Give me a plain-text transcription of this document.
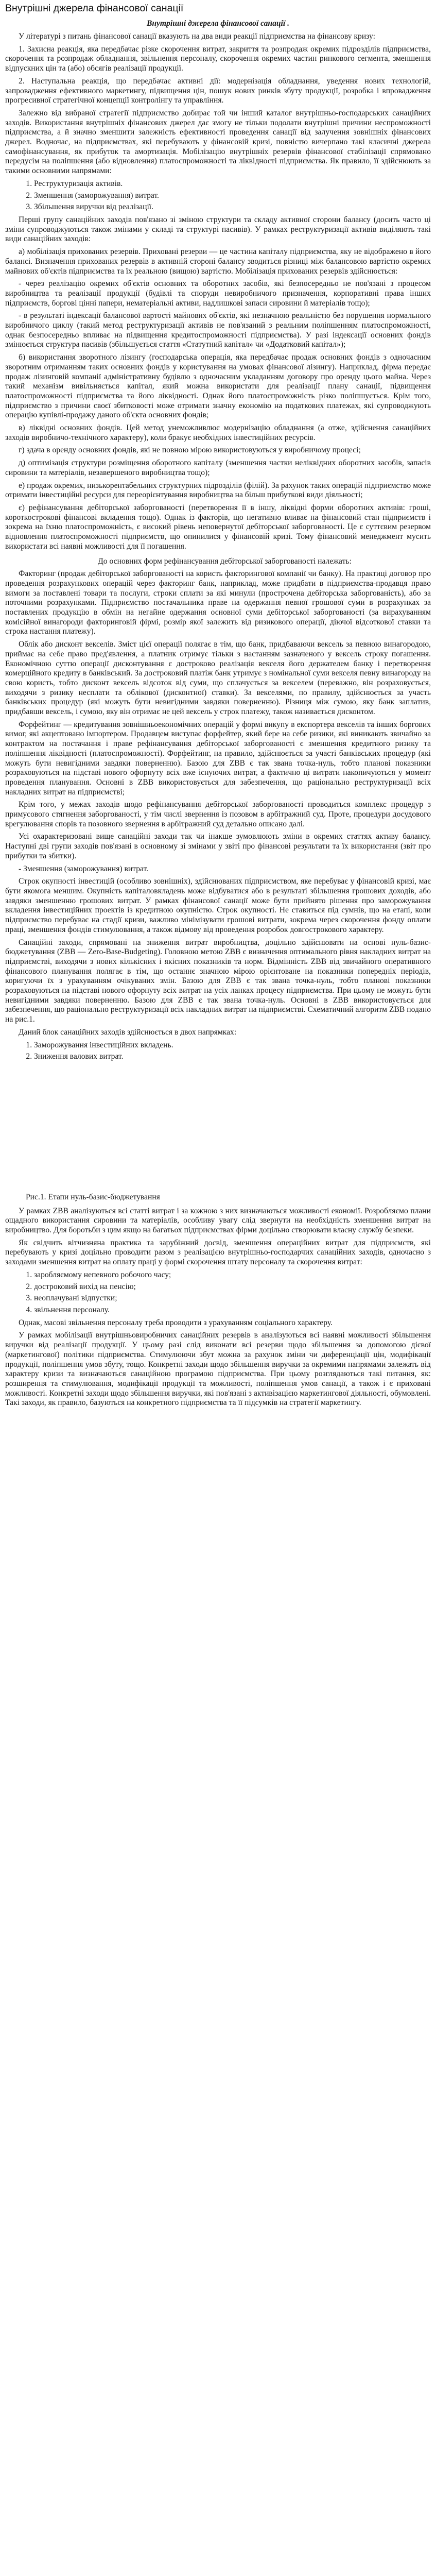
Внутрішні джерела фінансової санації

Внутрішні джерела фінансової санації .

У літературі з питань фінансової санації вказують на два види реакції підприємства на фінансову кризу:

1. Захисна реакція, яка передбачає різке скорочення витрат, закриття та розпродаж окремих підрозділів підприємства, скорочення та розпродаж обладнання, звільнення персоналу, скорочення окремих частин ринкового сегмента, зменшення відпускних цін та (або) обсягів реалізації продукції.

2. Наступальна реакція, що передбачає активні дії: модернізація обладнання, уведення нових технологій, запровадження ефективного маркетингу, підвищення цін, пошук нових ринків збуту продукції, розробка і впровадження прогресивної стратегічної концепції контролінгу та управління.

Залежно від вибраної стратегії підприємство добирає той чи інший каталог внутрішньо-господарських санаційних заходів. Використання внутрішніх фінансових джерел дає змогу не тільки подолати внутрішні причини неспроможності підприємства, а й значно зменшити залежність ефективності проведення санації від залучення зовнішніх фінансових джерел. Водночас, на підприємствах, які перебувають у фінансовій кризі, повністю вичерпано такі класичні джерела самофінансування, як прибуток та амортизація. Мобілізацію внутрішніх резервів фінансової стабілізації спрямовано передусім на поліпшення (або відновлення) платоспроможності та ліквідності підприємства. Як правило, її здійснюють за такими основними напрямами:

1. Реструктуризація активів.
2. Зменшення (заморожування) витрат.
3. Збільшення виручки від реалізації.

Перші групу санаційних заходів пов'язано зі зміною структури та складу активної сторони балансу (досить часто ці зміни супроводжуються також змінами у складі та структурі пасивів). У рамках реструктуризації активів виділяють такі види санаційних заходів:

а) мобілізація прихованих резервів. Приховані резерви — це частина капіталу підприємства, яку не відображено в його балансі. Визначення прихованих резервів в активній стороні балансу зводиться різниці між балансовою вартістю окремих майнових об'єктів підприємства та їх реальною (вищою) вартістю. Мобілізація прихованих резервів здійснюється:

- через реалізацію окремих об'єктів основних та оборотних засобів, які безпосередньо не пов'язані з процесом виробництва та реалізації продукції (будівлі та споруди невиробничого призначення, корпоративні права інших підприємств, боргові цінні папери, нематеріальні активи, надлишкові запаси сировини й матеріалів тощо);

- в результаті індексації балансової вартості майнових об'єктів, які незначною реальністю без порушення нормального виробничого циклу (такий метод реструктуризації активів не пов'язаний з реальним поліпшенням платоспроможності, однак безпосередньо впливає на підвищення кредитоспроможності підприємства). У разі індексації основних фондів змінюється структура пасивів (збільшується стаття «Статутний капітал» чи «Додатковий капітал»);

б) використання зворотного лізингу (господарська операція, яка передбачає продаж основних фондів з одночасним зворотним отриманням таких основних фондів у користування на умовах фінансової лізингу). Наприклад, фірма передає продаж лізинговій компанії адміністративну будівлю з одночасним укладанням договору про оренду цього майна. Через такий механізм вивільняється капітал, який можна використати для реалізації плану санації, підвищення платоспроможності підприємства та його ліквідності. Однак його платоспроможність різко поліпшується. Крім того, підприємство з причини своєї збитковості може отримати значну економію на податкових платежах, які супроводжують операцію купівлі-продажу даного об'єкта основних фондів;

в) ліквідні основних фондів. Цей метод унеможливлює модернізацію обладнання (а отже, здійснення санаційних заходів виробничо-технічного характеру), коли бракує необхідних інвестиційних ресурсів.

г) здача в оренду основних фондів, які не повною мірою використовуються у виробничому процесі;

д) оптимізація структури розміщення оборотного капіталу (зменшення частки неліквідних оборотних засобів, запасів сировини та матеріалів, незавершеного виробництва тощо);

е) продаж окремих, низькорентабельних структурних підрозділів (філій). За рахунок таких операцій підприємство може отримати інвестиційні ресурси для переорієнтування виробництва на більш прибуткові види діяльності;

є) рефінансування дебіторської заборгованості (перетворення її в іншу, ліквідні форми оборотних активів: гроші, короткострокові фінансові вкладення тощо). Однак із факторів, що негативно вливає на фінансовий стан підприємств і зокрема на їхню платоспроможність, є високий рівень неповернутої дебіторської заборгованості. Це є суттєвим резервом відновлення платоспроможності підприємств, що опинилися у фінансовій кризі. Тому фінансовий менеджмент мусить використати всі наявні можливості для її погашення.

До основних форм рефінансування дебіторської заборгованості належать:

Факторинг (продаж дебіторської заборгованості на користь факторингової компанії чи банку). На практиці договор про проведення розрахункових операцій через факторинг банк, наприклад, може придбати в підприємства-продавця право вимоги за поставлені товари та послуги, строки сплати за які минули (прострочена дебіторська заборгованість), або за поточними розрахунками. Підприємство постачальника праве на одержання певної грошової суми в розрахунках за поставлених продукцію в обмін на негайне одержання основної суми дебіторської заборгованості (за вирахуванням комісійної винагороди факторинговій фірмі, розмір якої залежить від ризикового операції, діючої відсоткової ставки та строка настання платежу).

Облік або дисконт векселів. Зміст цієї операції полягає в тім, що банк, придбаваючи вексель за певною винагородою, приймає на себе право пред'явлення, а платник отримує тільки з настанням зазначеного у вексель строку погашення. Економічною суттю операції дисконтування є достроково реалізація векселя його держателем банку і перетворення комерційного кредиту в банківський. За достроковий платіж банк утримує з номінальної суми векселя певну винагороду на свою користь, тобто дисконт вексель відсоток від суми, що сплачується за векселем (переважно, він розраховується, виходячи з ризику несплати та облікової (дисконтної) ставки). За векселями, по правилу, здійснюється за участь банківських процедур (які можуть бути невигідними завдяки поверненню). Різниця між сумою, яку банк заплатив, придбавши вексель, і сумою, яку він отримає не цей вексель у строк платежу, також називається дисконтом.

Форфейтинг — кредитування зовнішньоекономічних операцій у формі викупу в експортера векселів та інших боргових вимог, які акцептовано імпортером. Продавцем виступає форфейтер, який бере на себе ризики, які виникають звичайно за контрактом на постачання і праве рефінансування дебіторської заборгованості є зменшення кредитного ризику та поліпшення ліквідності (платоспроможності). Форфейтинг, на правило, здійснюється за участі банківських процедур (які можуть бути невигідними завдяки поверненню). Базою для ZBB є так звана точка-нуль, тобто планові показники розраховуються на підставі нового офорнуту всіх вже існуючих витрат, а фактично ці витрати накопичуються у момент проведення планування. Основні в ZBB використовується для забезпечення, що раціонально реструктуризації всіх накладних витрат на підприємстві;

Крім того, у межах заходів щодо рефінансування дебіторської заборгованості проводиться комплекс процедур з примусового стягнення заборгованості, у тім числі звернення із позовом в арбітражний суд. Проте, процедури досудового врегулювання спорів та позовного звернення в арбітражний суд детально описано далі.

Усі охарактеризовані вище санаційні заходи так чи інакше зумовлюють зміни в окремих статтях активу балансу. Наступні дві групи заходів пов'язані в основному зі змінами у звіті про фінансові результати та їх використання (звіт про прибутки та збитки).

- Зменшення (заморожування) витрат.

Строк окупності інвестицій (особливо зовнішніх), здійснюваних підприємством, яке перебуває у фінансовій кризі, має бути якомога меншим. Окупність капіталовкладень може відбуватися або в результаті збільшення грошових доходів, або завдяки зменшенню грошових витрат. У рамках фінансової санації може бути прийнято рішення про заморожування вкладення інвестиційних проектів із кредитною окупністю. Строк окупності. Не ставиться під сумнів, що на етапі, коли підприємство перебуває на стадії кризи, важливо мінімізувати грошові витрати, зокрема через скорочення фонду оплати праці, зменшення фондів стимулювання, а також відмову від проведення розробок довгострокового характеру.

Санаційні заходи, спрямовані на зниження витрат виробництва, доцільно здійснювати на основі нуль-базис-бюджетування (ZBB — Zero-Base-Budgeting). Головною метою ZBB є визначення оптимального рівня накладних витрат на підприємстві, виходячи з нових кількісних і якісних показників та норм. Відмінність ZBB від звичайного оперативного фінансового планування полягає в тім, що останнє значною мірою орієнтоване на показники попередніх періодів, коригуючи їх з урахуванням очікуваних змін. Базою для ZBB є так звана точка-нуль, тобто планові показники розраховуються на підставі нового офорнуту всіх витрат на усіх ланках процесу підприємства. При цьому не можуть бути невигідними завдяки поверненню. Базою для ZBB є так звана точка-нуль. Основні в ZBB використовується для забезпечення, що раціонально реструктуризації всіх накладних витрат на підприємстві. Схематичний алгоритм ZBB подано на рис.1.

Даний блок санаційних заходів здійснюється в двох напрямках:

1. Заморожування інвестиційних вкладень.
2. Зниження валових витрат.

Рис.1. Етапи нуль-базис-бюджетування

У рамках ZBB аналізуються всі статті витрат і за кожною з них визначаються можливості економії. Розробляємо плани ощадного використання сировини та матеріалів, особливу увагу слід звернути на необхідність зменшення витрат на виробництво. Для боротьби з цим якщо на багатьох підприємствах фірми доцільно створювати власну службу безпеки.

Як свідчить вітчизняна практика та зарубіжний досвід, зменшення операційних витрат для підприємств, які перебувають у кризі доцільно проводити разом з реалізацією внутрішньо-господарчих санаційних заходів, одночасно з заходами зменшення витрат на оплату праці у формі скорочення штату персоналу та скорочення витрат:

1. заробляємому непевного робочого часу;
2. достроковий вихід на пенсію;
3. неоплачувані відпустки;
4. звільнення персоналу.

Однак, масові звільнення персоналу треба проводити з урахуванням соціального характеру.

У рамках мобілізації внутрішньовиробничих санаційних резервів в аналізуються всі наявні можливості збільшення виручки від реалізації продукції. У цьому разі слід виконати всі резерви щодо збільшення за допомогою дієвої (маркетингової) політики підприємства. Стимулюючи збут можна за рахунок зміни чи диференціації цін, модифікації продукції, поліпшення умов збуту, тощо. Конкретні заходи щодо збільшення виручки за окремими напрямами залежать від характеру кризи та визначаються санаційною програмою підприємства. При цьому розглядаються такі питання, як: розширення та стимулювання, модифікації продукції та можливості, поліпшення умов санації, а також і є приховані можливості. Конкретні заходи щодо збільшення виручки, які пов'язані з активізацією маркетингової діяльності, обумовлені. Такі заходи, як правило, базуються на конкретного підприємства та її підсумків на стратегії маркетингу.
